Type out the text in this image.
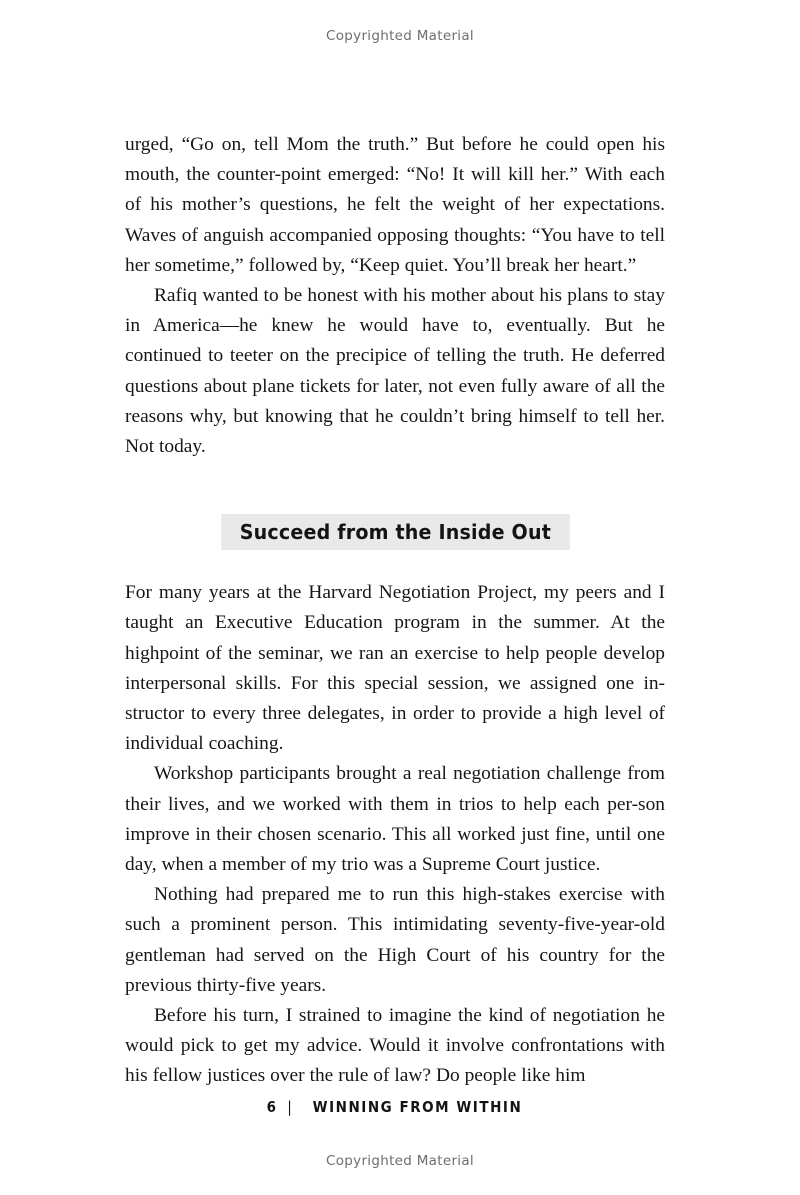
Copyrighted Material

urged, “Go on, tell Mom the truth.” But before he could open his mouth, the counter-point emerged: “No! It will kill her.” With each of his mother’s questions, he felt the weight of her expectations. Waves of anguish accompanied opposing thoughts: “You have to tell her sometime,” followed by, “Keep quiet. You’ll break her heart.”

Rafiq wanted to be honest with his mother about his plans to stay in America—he knew he would have to, eventually. But he continued to teeter on the precipice of telling the truth. He deferred questions about plane tickets for later, not even fully aware of all the reasons why, but knowing that he couldn’t bring himself to tell her. Not today.

Succeed from the Inside Out

For many years at the Harvard Negotiation Project, my peers and I taught an Executive Education program in the summer. At the highpoint of the seminar, we ran an exercise to help people develop interpersonal skills. For this special session, we assigned one in-structor to every three delegates, in order to provide a high level of individual coaching.

Workshop participants brought a real negotiation challenge from their lives, and we worked with them in trios to help each per-son improve in their chosen scenario. This all worked just fine, until one day, when a member of my trio was a Supreme Court justice.

Nothing had prepared me to run this high-stakes exercise with such a prominent person. This intimidating seventy-five-year-old gentleman had served on the High Court of his country for the previous thirty-five years.

Before his turn, I strained to imagine the kind of negotiation he would pick to get my advice. Would it involve confrontations with his fellow justices over the rule of law? Do people like him

6 | WINNING FROM WITHIN
Copyrighted Material
